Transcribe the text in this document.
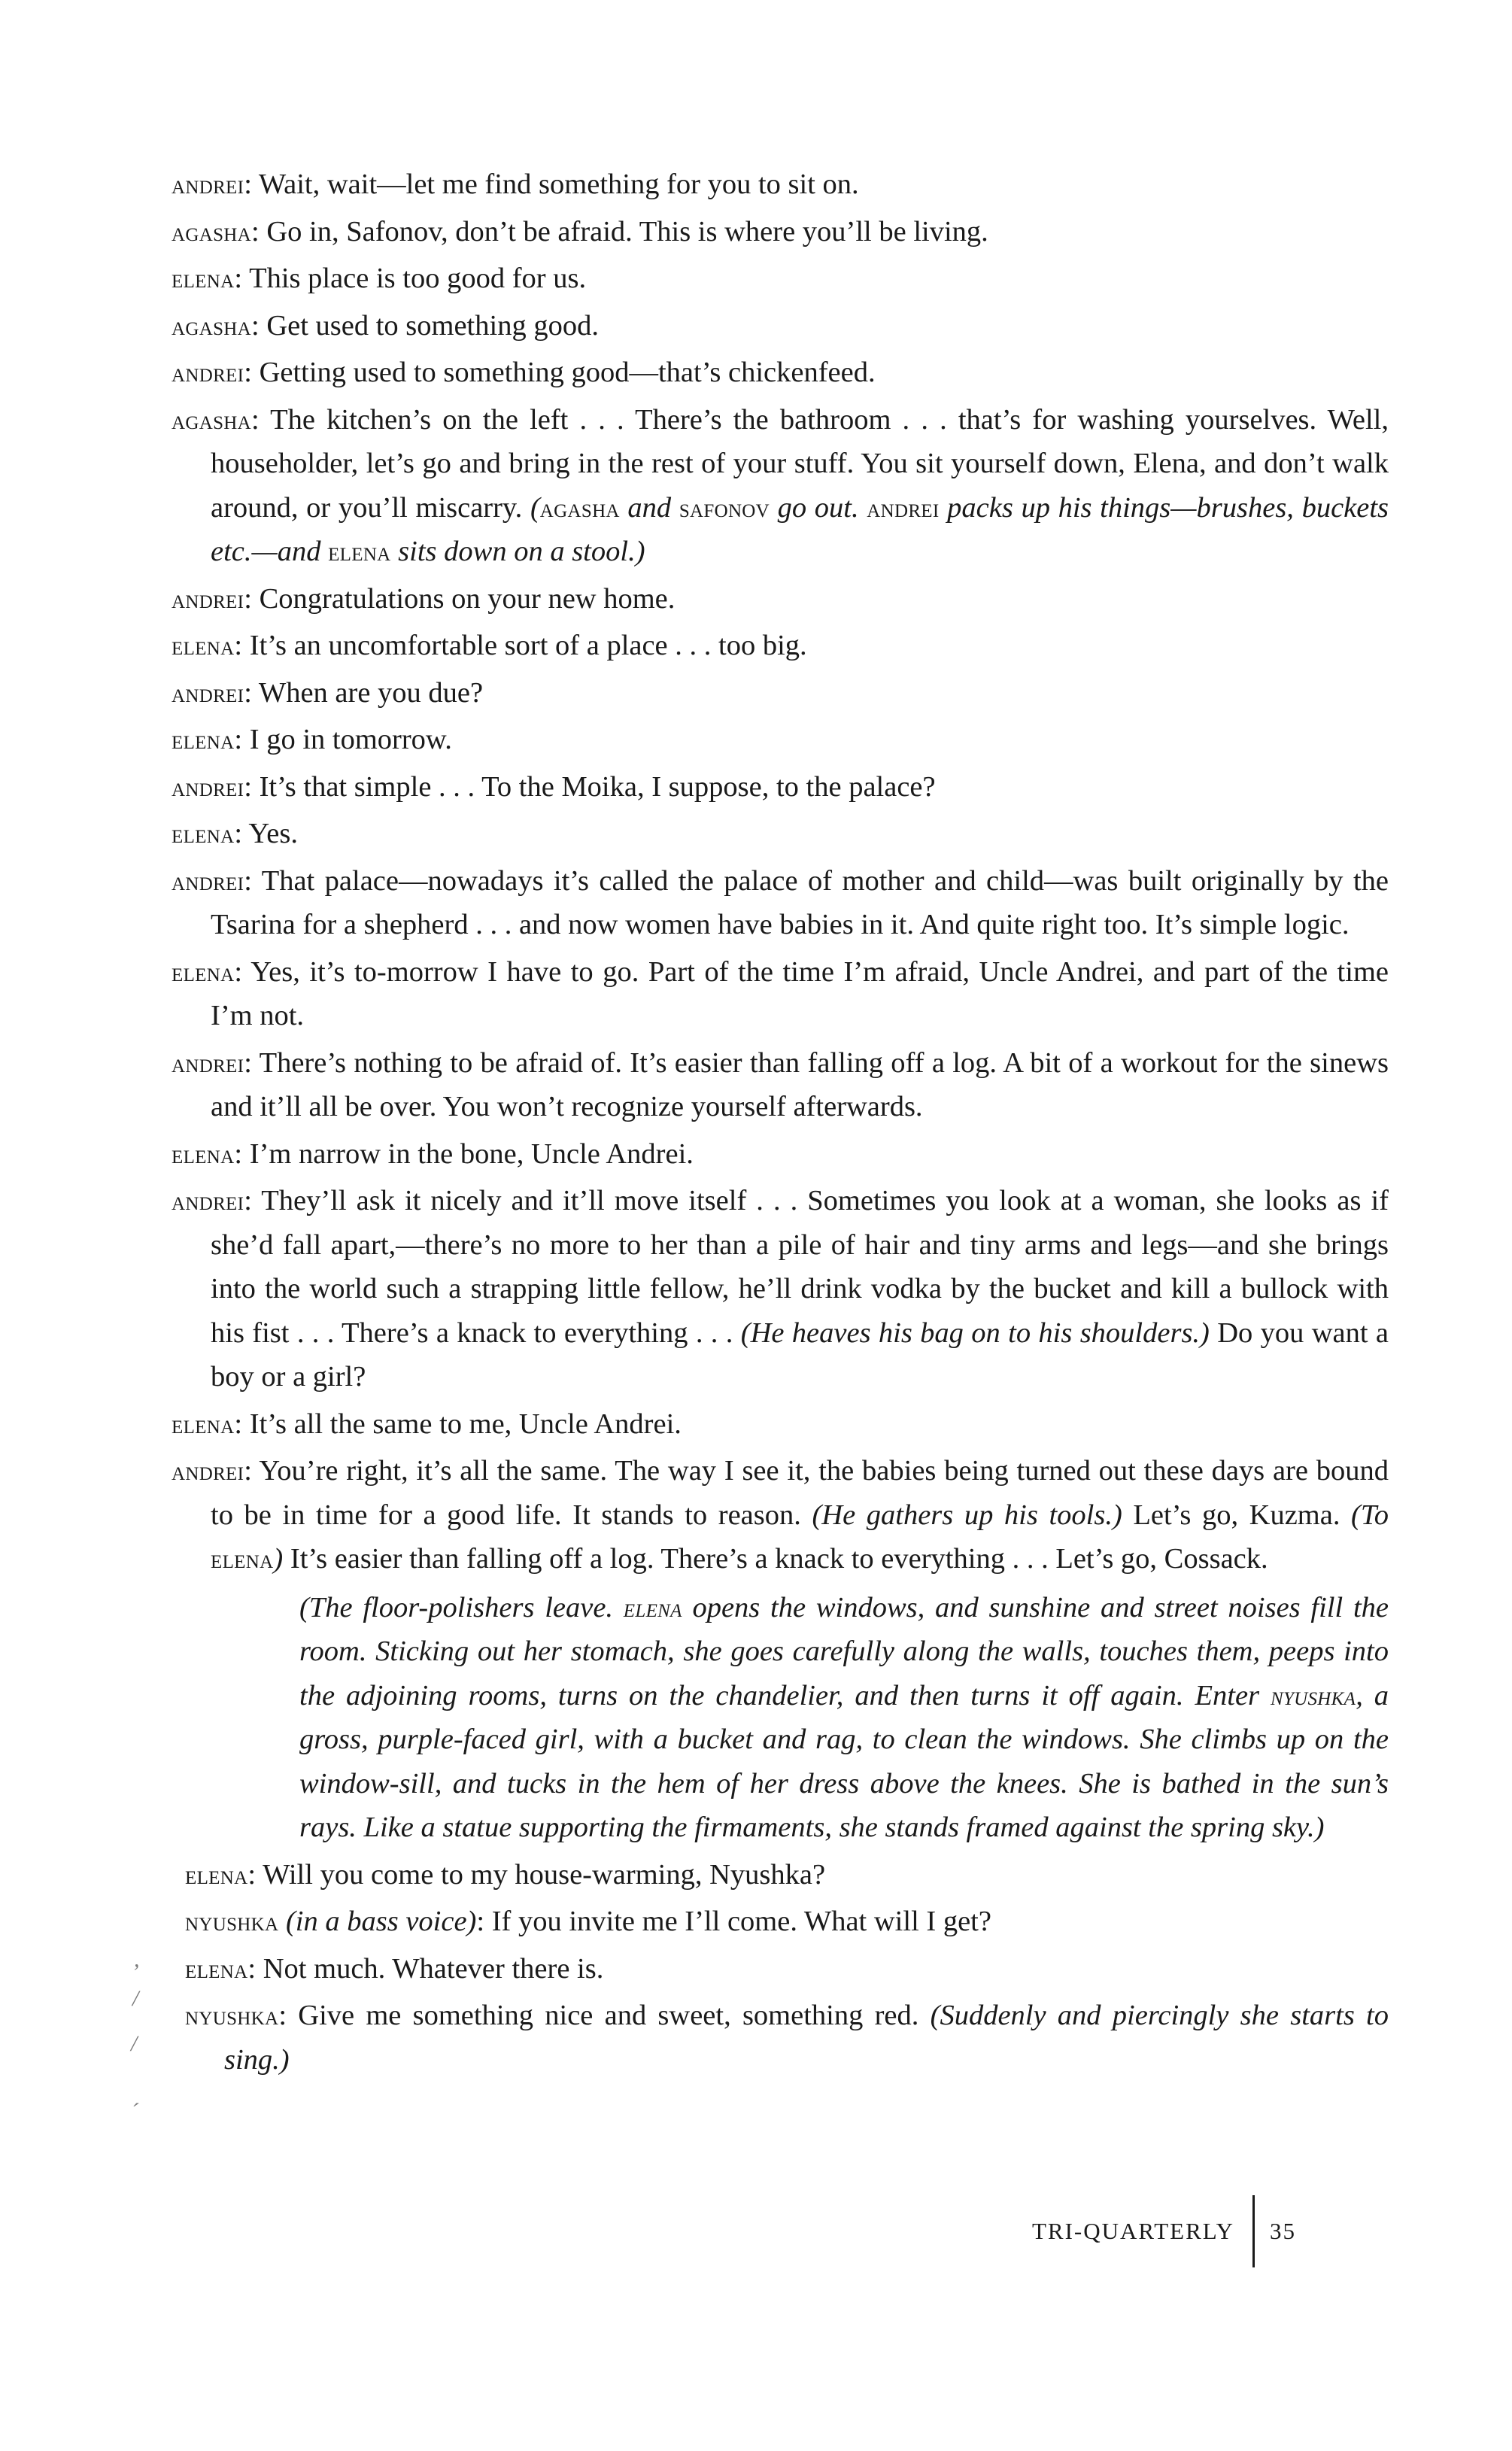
andrei: Wait, wait—let me find something for you to sit on.

agasha: Go in, Safonov, don’t be afraid. This is where you’ll be living.

elena: This place is too good for us.

agasha: Get used to something good.

andrei: Getting used to something good—that’s chickenfeed.

agasha: The kitchen’s on the left . . . There’s the bathroom . . . that’s for washing yourselves. Well, householder, let’s go and bring in the rest of your stuff. You sit yourself down, Elena, and don’t walk around, or you’ll miscarry. (agasha and safonov go out. andrei packs up his things—brushes, buckets etc.—and elena sits down on a stool.)

andrei: Congratulations on your new home.

elena: It’s an uncomfortable sort of a place . . . too big.

andrei: When are you due?

elena: I go in tomorrow.

andrei: It’s that simple . . . To the Moika, I suppose, to the palace?

elena: Yes.

andrei: That palace—nowadays it’s called the palace of mother and child—was built originally by the Tsarina for a shepherd . . . and now women have babies in it. And quite right too. It’s simple logic.

elena: Yes, it’s to-morrow I have to go. Part of the time I’m afraid, Uncle Andrei, and part of the time I’m not.

andrei: There’s nothing to be afraid of. It’s easier than falling off a log. A bit of a workout for the sinews and it’ll all be over. You won’t recognize yourself afterwards.

elena: I’m narrow in the bone, Uncle Andrei.

andrei: They’ll ask it nicely and it’ll move itself . . . Sometimes you look at a woman, she looks as if she’d fall apart,—there’s no more to her than a pile of hair and tiny arms and legs—and she brings into the world such a strapping little fellow, he’ll drink vodka by the bucket and kill a bullock with his fist . . . There’s a knack to everything . . . (He heaves his bag on to his shoulders.) Do you want a boy or a girl?

elena: It’s all the same to me, Uncle Andrei.

andrei: You’re right, it’s all the same. The way I see it, the babies being turned out these days are bound to be in time for a good life. It stands to reason. (He gathers up his tools.) Let’s go, Kuzma. (To elena) It’s easier than falling off a log. There’s a knack to everything . . . Let’s go, Cossack.

(The floor-polishers leave. elena opens the windows, and sunshine and street noises fill the room. Sticking out her stomach, she goes carefully along the walls, touches them, peeps into the adjoining rooms, turns on the chandelier, and then turns it off again. Enter nyushka, a gross, purple-faced girl, with a bucket and rag, to clean the windows. She climbs up on the window-sill, and tucks in the hem of her dress above the knees. She is bathed in the sun’s rays. Like a statue supporting the firmaments, she stands framed against the spring sky.)

elena: Will you come to my house-warming, Nyushka?

nyushka (in a bass voice): If you invite me I’ll come. What will I get?

elena: Not much. Whatever there is.

nyushka: Give me something nice and sweet, something red. (Suddenly and piercingly she starts to sing.)

,
/
/
´
TRI-QUARTERLY 35
